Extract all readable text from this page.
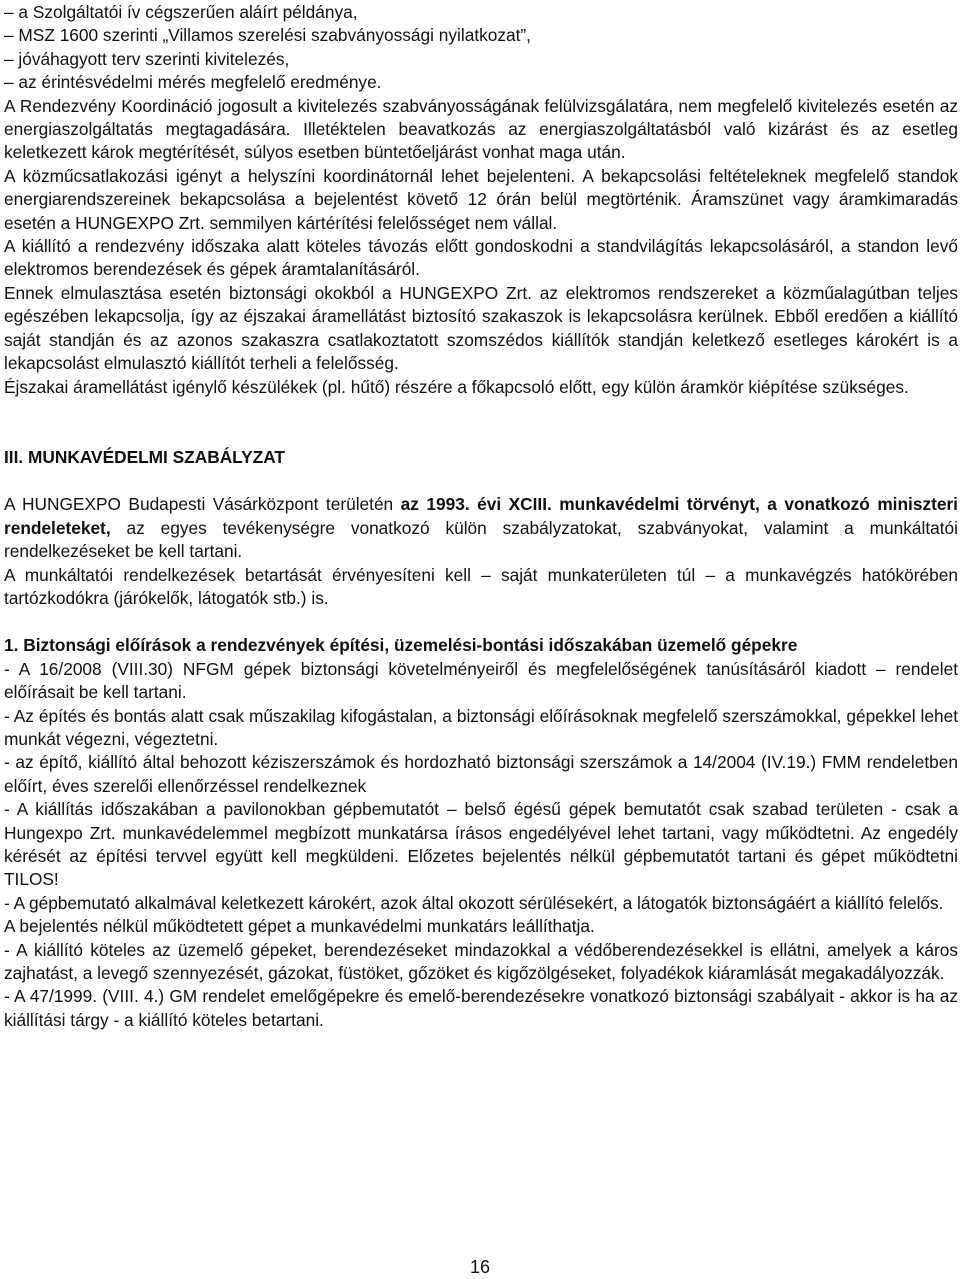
– a Szolgáltatói ív cégszerűen aláírt példánya,

– MSZ 1600 szerinti „Villamos szerelési szabványossági nyilatkozat”,

– jóváhagyott terv szerinti kivitelezés,

– az érintésvédelmi mérés megfelelő eredménye.

A Rendezvény Koordináció jogosult a kivitelezés szabványosságának felülvizsgálatára, nem megfelelő kivitelezés esetén az energiaszolgáltatás megtagadására. Illetéktelen beavatkozás az energiaszolgáltatásból való kizárást és az esetleg keletkezett károk megtérítését, súlyos esetben büntetőeljárást vonhat maga után.

A közműcsatlakozási igényt a helyszíni koordinátornál lehet bejelenteni. A bekapcsolási feltételeknek megfelelő standok energiarendszereinek bekapcsolása a bejelentést követő 12 órán belül megtörténik. Áramszünet vagy áramkimaradás esetén a HUNGEXPO Zrt. semmilyen kártérítési felelősséget nem vállal.

A kiállító a rendezvény időszaka alatt köteles távozás előtt gondoskodni a standvilágítás lekapcsolásáról, a standon levő elektromos berendezések és gépek áramtalanításáról.

Ennek elmulasztása esetén biztonsági okokból a HUNGEXPO Zrt. az elektromos rendszereket a közműalagútban teljes egészében lekapcsolja, így az éjszakai áramellátást biztosító szakaszok is lekapcsolásra kerülnek. Ebből eredően a kiállító saját standján és az azonos szakaszra csatlakoztatott szomszédos kiállítók standján keletkező esetleges károkért is a lekapcsolást elmulasztó kiállítót terheli a felelősség.

Éjszakai áramellátást igénylő készülékek (pl. hűtő) részére a főkapcsoló előtt, egy külön áramkör kiépítése szükséges.

III. MUNKAVÉDELMI SZABÁLYZAT

A HUNGEXPO Budapesti Vásárközpont területén az 1993. évi XCIII. munkavédelmi törvényt, a vonatkozó miniszteri rendeleteket, az egyes tevékenységre vonatkozó külön szabályzatokat, szabványokat, valamint a munkáltatói rendelkezéseket be kell tartani.

A munkáltatói rendelkezések betartását érvényesíteni kell – saját munkaterületen túl – a munkavégzés hatókörében tartózkodókra (járókelők, látogatók stb.) is.

1. Biztonsági előírások a rendezvények építési, üzemelési-bontási időszakában üzemelő gépekre

- A 16/2008 (VIII.30) NFGM gépek biztonsági követelményeiről és megfelelőségének tanúsításáról kiadott – rendelet előírásait be kell tartani.

- Az építés és bontás alatt csak műszakilag kifogástalan, a biztonsági előírásoknak megfelelő szerszámokkal, gépekkel lehet munkát végezni, végeztetni.

- az építő, kiállító által behozott kéziszerszámok és hordozható biztonsági szerszámok a 14/2004 (IV.19.) FMM rendeletben előírt, éves szerelői ellenőrzéssel rendelkeznek

- A kiállítás időszakában a pavilonokban gépbemutatót – belső égésű gépek bemutatót csak szabad területen - csak a Hungexpo Zrt. munkavédelemmel megbízott munkatársa írásos engedélyével lehet tartani, vagy működtetni. Az engedély kérését az építési tervvel együtt kell megküldeni. Előzetes bejelentés nélkül gépbemutatót tartani és gépet működtetni TILOS!

- A gépbemutató alkalmával keletkezett károkért, azok által okozott sérülésekért, a látogatók biztonságáért a kiállító felelős.

A bejelentés nélkül működtetett gépet a munkavédelmi munkatárs leállíthatja.

- A kiállító köteles az üzemelő gépeket, berendezéseket mindazokkal a védőberendezésekkel is ellátni, amelyek a káros zajhatást, a levegő szennyezését, gázokat, füstöket, gőzöket és kigőzölgéseket, folyadékok kiáramlását megakadályozzák.

- A 47/1999. (VIII. 4.) GM rendelet emelőgépekre és emelő-berendezésekre vonatkozó biztonsági szabályait - akkor is ha az kiállítási tárgy - a kiállító köteles betartani.

16
